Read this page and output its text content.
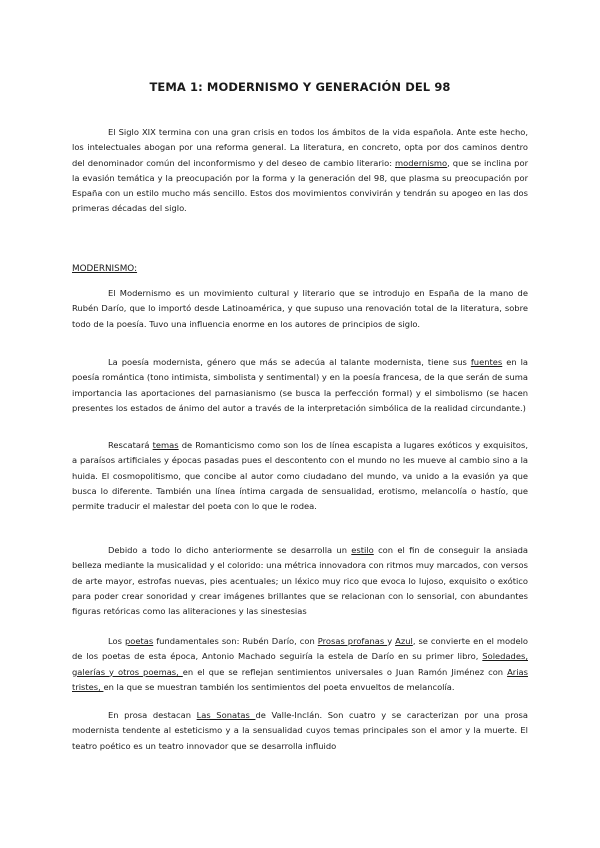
TEMA 1: MODERNISMO Y GENERACIÓN DEL 98

El Siglo XIX termina con una gran crisis en todos los ámbitos de la vida española. Ante este hecho, los intelectuales abogan por una reforma general. La literatura, en concreto, opta por dos caminos dentro del denominador común del inconformismo y del deseo de cambio literario: modernismo, que se inclina por la evasión temática y la preocupación por la forma y la generación del 98, que plasma su preocupación por España con un estilo mucho más sencillo. Estos dos movimientos convivirán y tendrán su apogeo en las dos primeras décadas del siglo.

MODERNISMO:

El Modernismo es un movimiento cultural y literario que se introdujo en España de la mano de Rubén Darío, que lo importó desde Latinoamérica, y que supuso una renovación total de la literatura, sobre todo de la poesía. Tuvo una influencia enorme en los autores de principios de siglo.

La poesía modernista, género que más se adecúa al talante modernista, tiene sus fuentes en la poesía romántica (tono intimista, simbolista y sentimental) y en la poesía francesa, de la que serán de suma importancia las aportaciones del parnasianismo (se busca la perfección formal) y el simbolismo (se hacen presentes los estados de ánimo del autor a través de la interpretación simbólica de la realidad circundante.)

Rescatará temas de Romanticismo como son los de línea escapista a lugares exóticos y exquisitos, a paraísos artificiales y épocas pasadas pues el descontento con el mundo no les mueve al cambio sino a la huida. El cosmopolitismo, que concibe al autor como ciudadano del mundo, va unido a la evasión ya que busca lo diferente. También una línea íntima cargada de sensualidad, erotismo, melancolía o hastío, que permite traducir el malestar del poeta con lo que le rodea.

Debido a todo lo dicho anteriormente se desarrolla un estilo con el fin de conseguir la ansiada belleza mediante la musicalidad y el colorido: una métrica innovadora con ritmos muy marcados, con versos de arte mayor, estrofas nuevas, pies acentuales; un léxico muy rico que evoca lo lujoso, exquisito o exótico para poder crear sonoridad y crear imágenes brillantes que se relacionan con lo sensorial, con abundantes figuras retóricas como las aliteraciones y las sinestesias

Los poetas fundamentales son: Rubén Darío, con Prosas profanas y Azul, se convierte en el modelo de los poetas de esta época, Antonio Machado seguiría la estela de Darío en su primer libro, Soledades, galerías y otros poemas, en el que se reflejan sentimientos universales o Juan Ramón Jiménez con Arias tristes, en la que se muestran también los sentimientos del poeta envueltos de melancolía.

En prosa destacan Las Sonatas de Valle-Inclán. Son cuatro y se caracterizan por una prosa modernista tendente al esteticismo y a la sensualidad cuyos temas principales son el amor y la muerte. El teatro poético es un teatro innovador que se desarrolla influido
